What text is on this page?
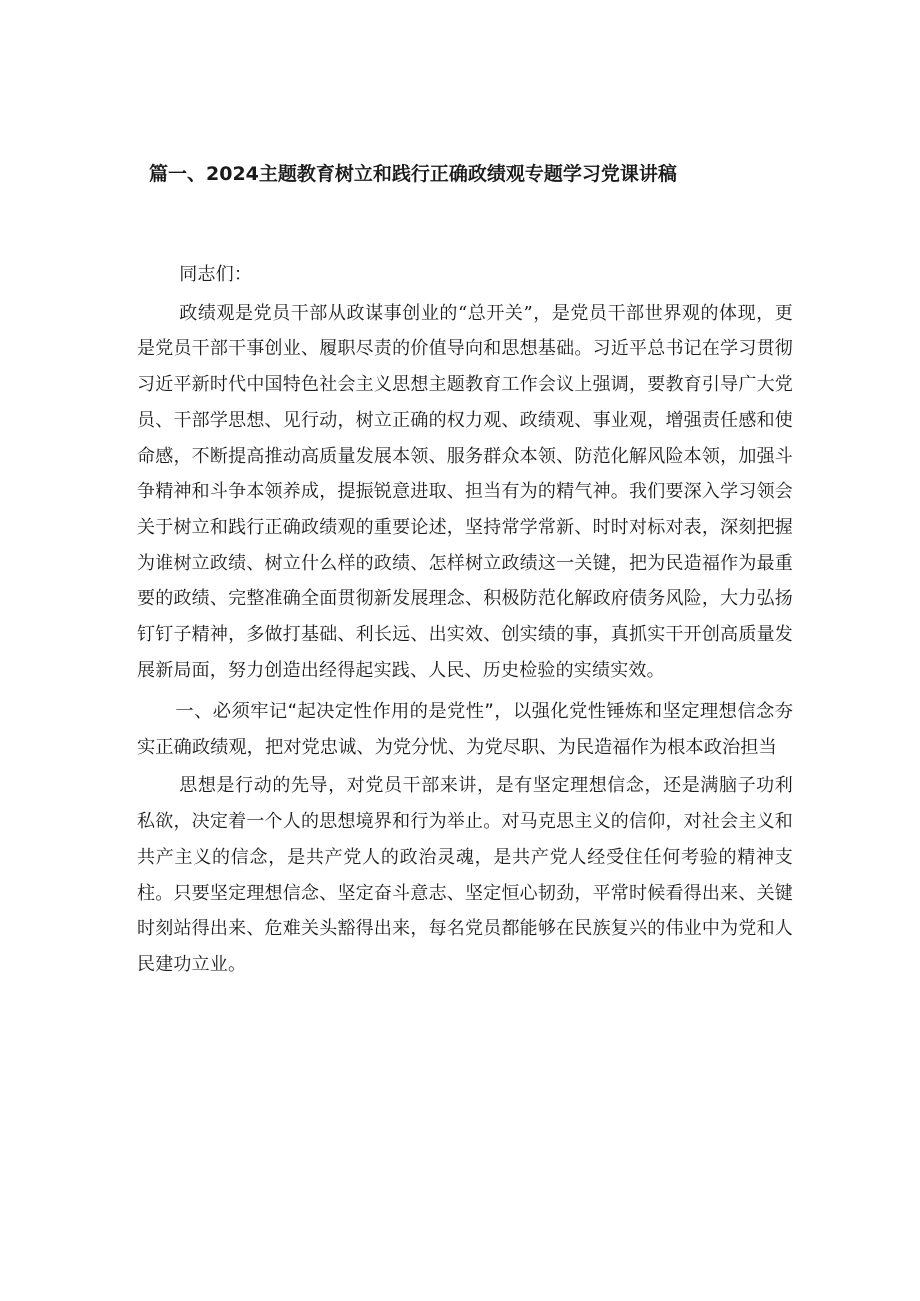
篇一、2024主题教育树立和践行正确政绩观专题学习党课讲稿

同志们：

政绩观是党员干部从政谋事创业的“总开关”，是党员干部世界观的体现，更是党员干部干事创业、履职尽责的价值导向和思想基础。习近平总书记在学习贯彻习近平新时代中国特色社会主义思想主题教育工作会议上强调，要教育引导广大党员、干部学思想、见行动，树立正确的权力观、政绩观、事业观，增强责任感和使命感，不断提高推动高质量发展本领、服务群众本领、防范化解风险本领，加强斗争精神和斗争本领养成，提振锐意进取、担当有为的精气神。我们要深入学习领会关于树立和践行正确政绩观的重要论述，坚持常学常新、时时对标对表，深刻把握为谁树立政绩、树立什么样的政绩、怎样树立政绩这一关键，把为民造福作为最重要的政绩、完整准确全面贯彻新发展理念、积极防范化解政府债务风险，大力弘扬钉钉子精神，多做打基础、利长远、出实效、创实绩的事，真抓实干开创高质量发展新局面，努力创造出经得起实践、人民、历史检验的实绩实效。

一、必须牢记“起决定性作用的是党性”，以强化党性锤炼和坚定理想信念夯实正确政绩观，把对党忠诚、为党分忧、为党尽职、为民造福作为根本政治担当

思想是行动的先导，对党员干部来讲，是有坚定理想信念，还是满脑子功利私欲，决定着一个人的思想境界和行为举止。对马克思主义的信仰，对社会主义和共产主义的信念，是共产党人的政治灵魂，是共产党人经受住任何考验的精神支柱。只要坚定理想信念、坚定奋斗意志、坚定恒心韧劲，平常时候看得出来、关键时刻站得出来、危难关头豁得出来，每名党员都能够在民族复兴的伟业中为党和人民建功立业。
